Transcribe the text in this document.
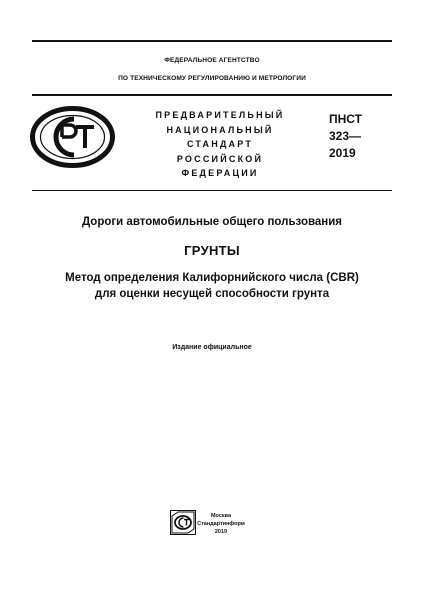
ФЕДЕРАЛЬНОЕ АГЕНТСТВО
ПО ТЕХНИЧЕСКОМУ РЕГУЛИРОВАНИЮ И МЕТРОЛОГИИ
ПРЕДВАРИТЕЛЬНЫЙ
НАЦИОНАЛЬНЫЙ
СТАНДАРТ
РОССИЙСКОЙ
ФЕДЕРАЦИИ
ПНСТ
323—
2019
Дороги автомобильные общего пользования
ГРУНТЫ
Метод определения Калифорнийского числа (CBR)
для оценки несущей способности грунта
Издание официальное
Москва
Стандартинформ
2019
